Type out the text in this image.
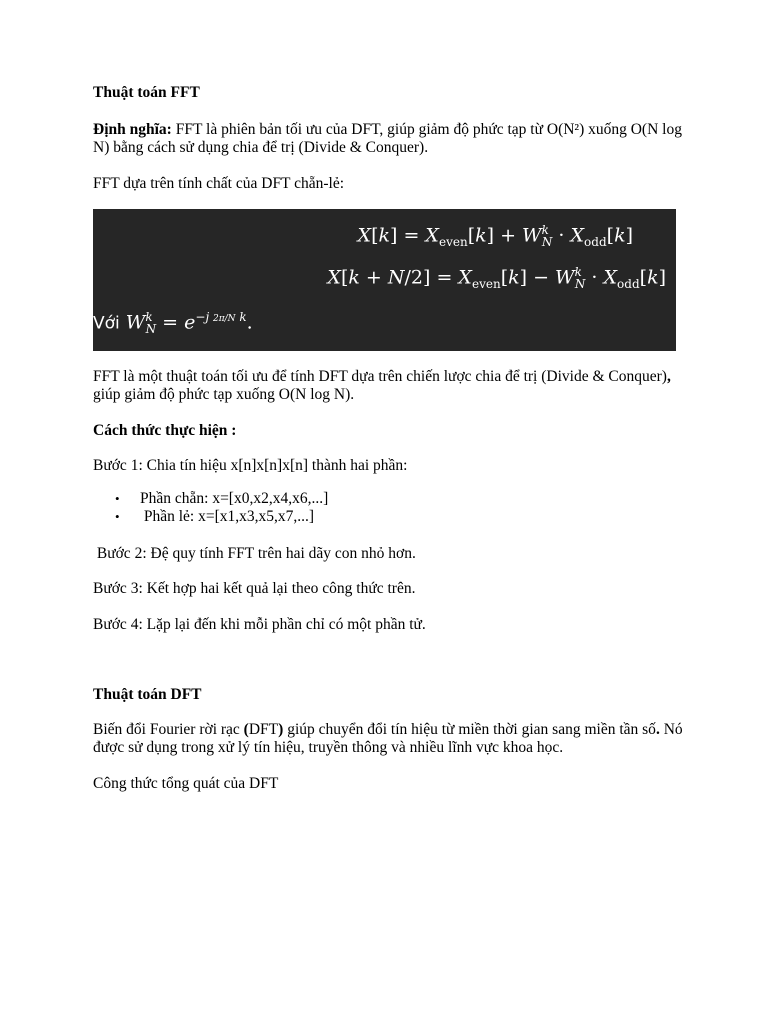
Thuật toán FFT

Định nghĩa: FFT là phiên bản tối ưu của DFT, giúp giảm độ phức tạp từ O(N²) xuống O(N log N) bằng cách sử dụng chia để trị (Divide & Conquer).

FFT dựa trên tính chất của DFT chẵn-lẻ:

$X[k] = X_{even}[k] + W^k_N \cdot X_{odd}[k]$
$X[k + N/2] = X_{even}[k] - W^k_N \cdot X_{odd}[k]$
Với $W^k_N = e^{-j 2\pi/N k}$.

FFT là một thuật toán tối ưu để tính DFT dựa trên chiến lược chia để trị (Divide & Conquer), giúp giảm độ phức tạp xuống O(N log N).

Cách thức thực hiện :

Bước 1: Chia tín hiệu x[n]x[n]x[n] thành hai phần:

• Phần chẵn: x=[x0,x2,x4,x6,...]
•  Phần lẻ: x=[x1,x3,x5,x7,...]

Bước 2: Đệ quy tính FFT trên hai dãy con nhỏ hơn.

Bước 3: Kết hợp hai kết quả lại theo công thức trên.

Bước 4: Lặp lại đến khi mỗi phần chỉ có một phần tử.

Thuật toán DFT

Biến đổi Fourier rời rạc (DFT) giúp chuyển đổi tín hiệu từ miền thời gian sang miền tần số. Nó được sử dụng trong xử lý tín hiệu, truyền thông và nhiều lĩnh vực khoa học.

Công thức tổng quát của DFT
